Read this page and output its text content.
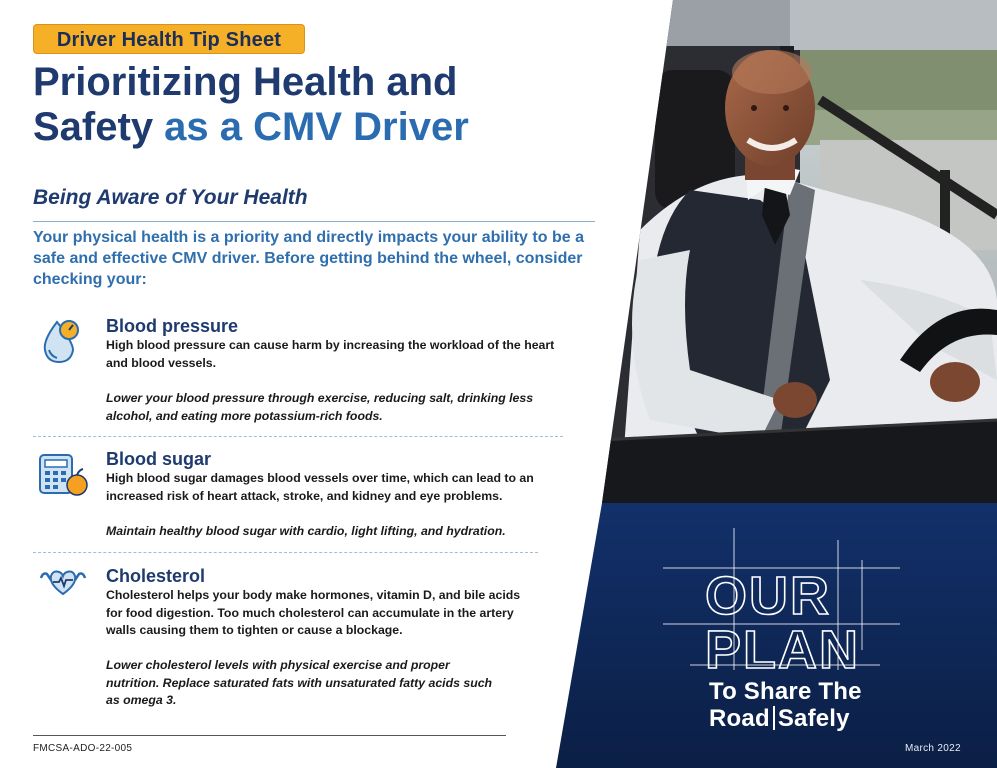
OUR
PLAN
Driver Health Tip Sheet
Prioritizing Health and
Safety as a CMV Driver
Being Aware of Your Health

Your physical health is a priority and directly impacts your ability to be a safe and effective CMV driver. Before getting behind the wheel, consider checking your:

Blood pressure

High blood pressure can cause harm by increasing the workload of the heart and blood vessels.

Lower your blood pressure through exercise, reducing salt, drinking less alcohol, and eating more potassium-rich foods.

Blood sugar

High blood sugar damages blood vessels over time, which can lead to an increased risk of heart attack, stroke, and kidney and eye problems.

Maintain healthy blood sugar with cardio, light lifting, and hydration.

Cholesterol

Cholesterol helps your body make hormones, vitamin D, and bile acids for food digestion. Too much cholesterol can accumulate in the artery walls causing them to tighten or cause a blockage.

Lower cholesterol levels with physical exercise and proper nutrition. Replace saturated fats with unsaturated fatty acids such as omega 3.	To Share The
Road Safely
FMCSA-ADO-22-005	March 2022
